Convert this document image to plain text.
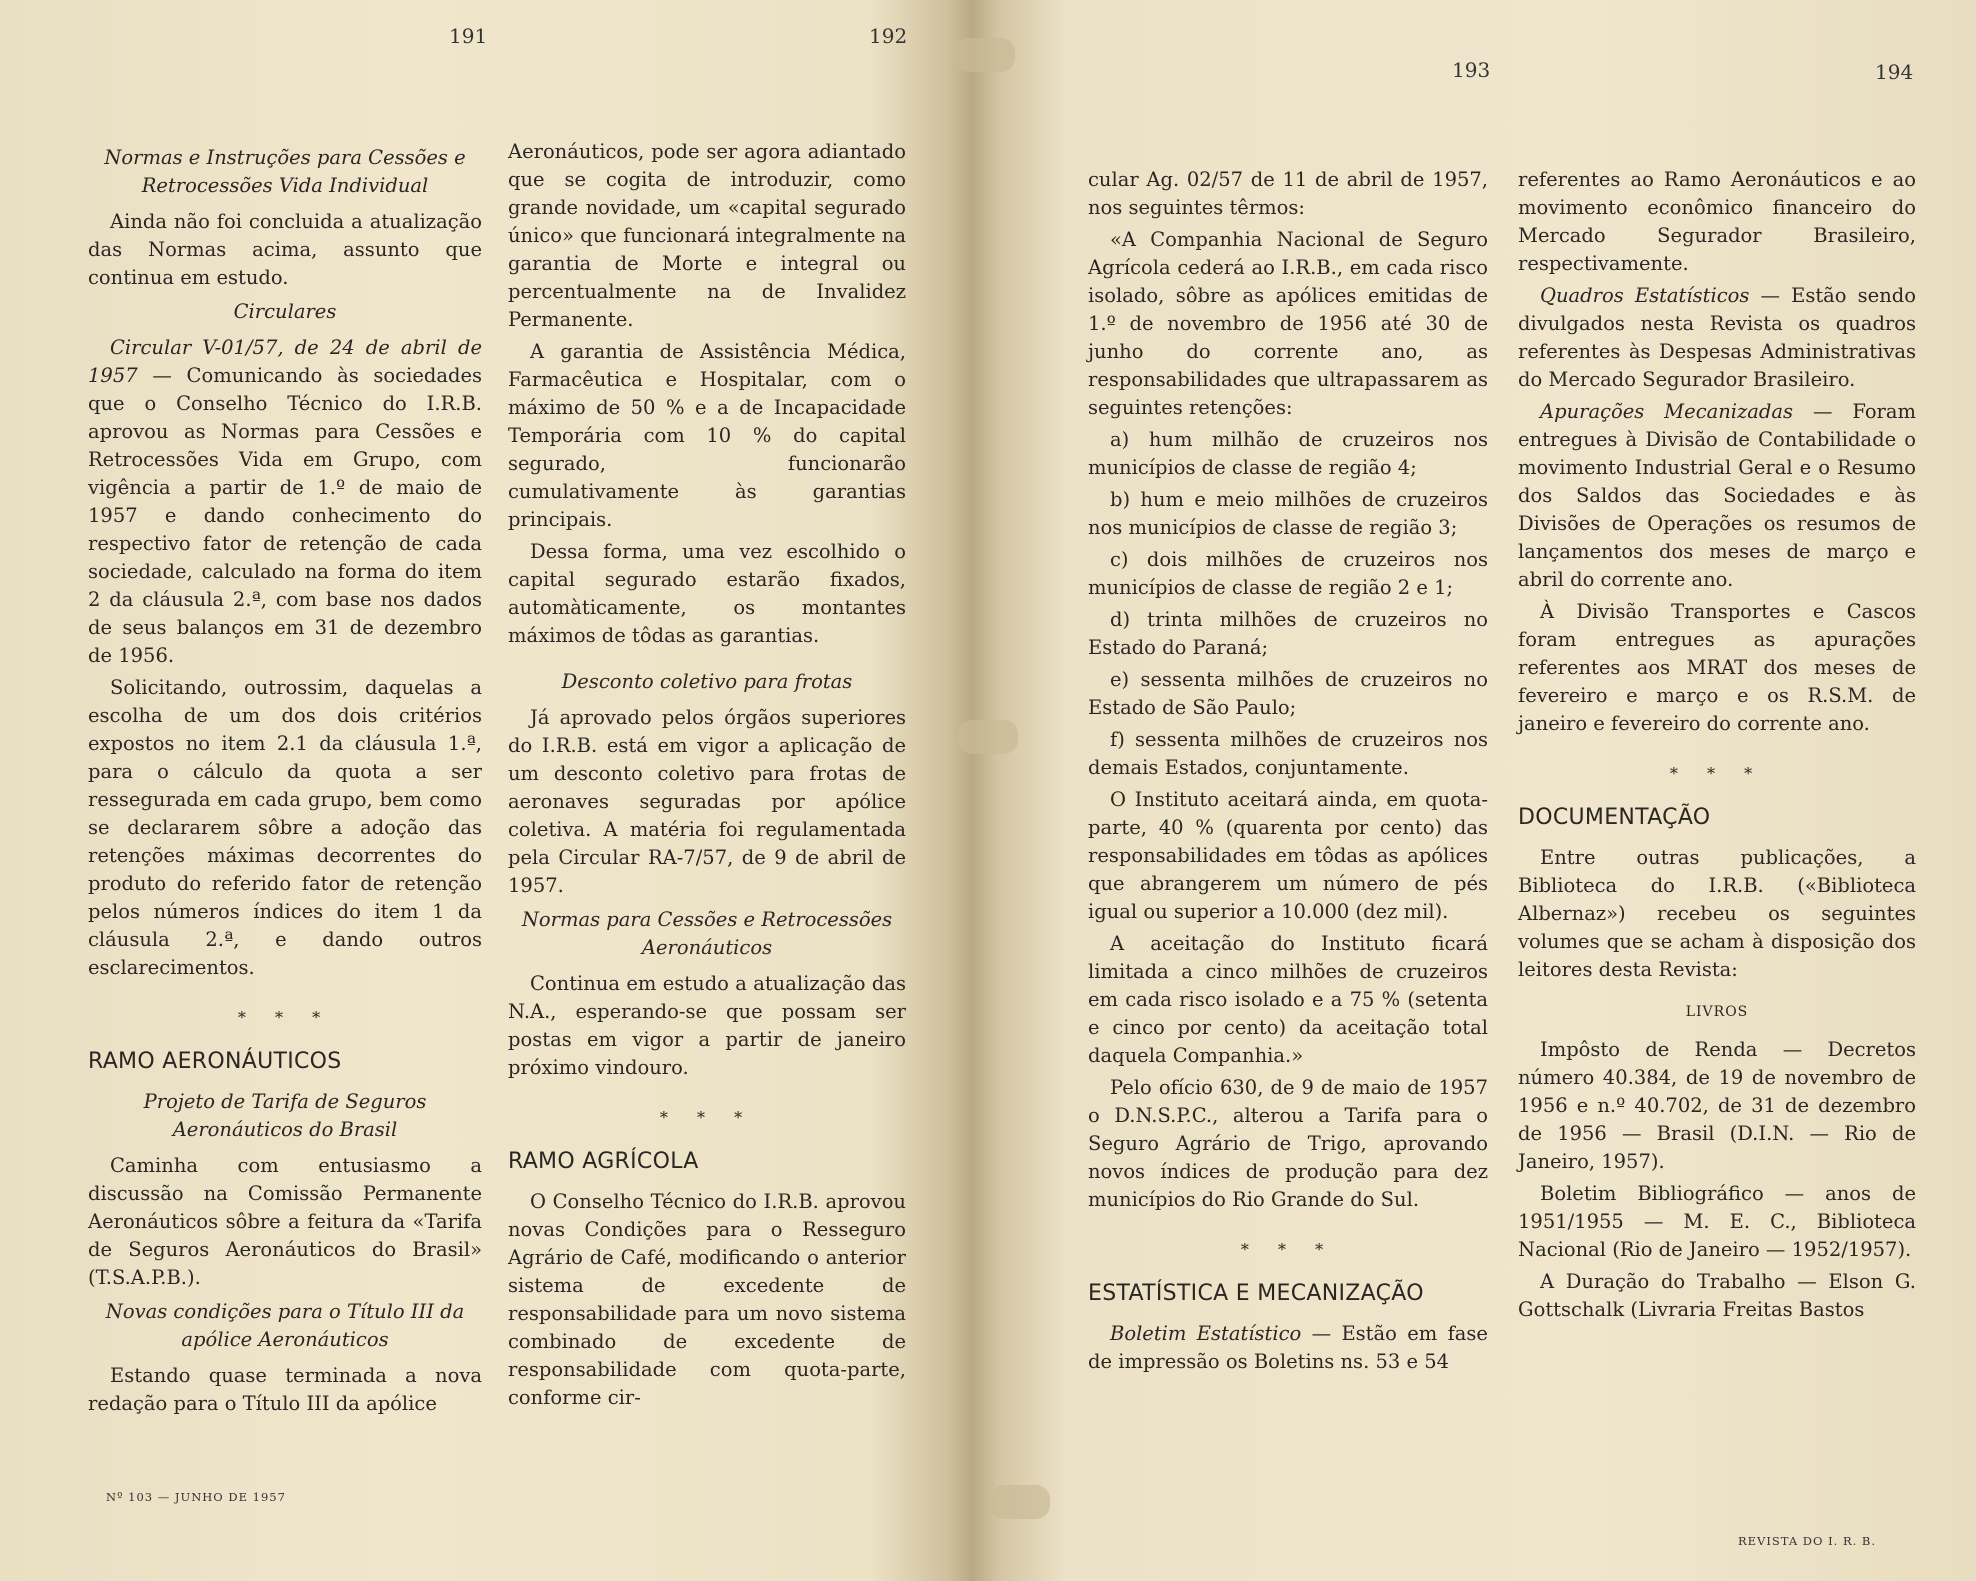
191	192
193	194
Normas e Instruções para Cessões e Retrocessões Vida Individual

Ainda não foi concluida a atualização das Normas acima, assunto que continua em estudo.

Circulares

Circular V-01/57, de 24 de abril de 1957 — Comunicando às sociedades que o Conselho Técnico do I.R.B. aprovou as Normas para Cessões e Retrocessões Vida em Grupo, com vigência a partir de 1.º de maio de 1957 e dando conhecimento do respectivo fator de retenção de cada sociedade, calculado na forma do item 2 da cláusula 2.ª, com base nos dados de seus balanços em 31 de dezembro de 1956.

Solicitando, outrossim, daquelas a escolha de um dos dois critérios expostos no item 2.1 da cláusula 1.ª, para o cálculo da quota a ser ressegurada em cada grupo, bem como se declararem sôbre a adoção das retenções máximas decorrentes do produto do referido fator de retenção pelos números índices do item 1 da cláusula 2.ª, e dando outros esclarecimentos.

* * *
RAMO AERONÁUTICOS
Projeto de Tarifa de Seguros Aeronáuticos do Brasil

Caminha com entusiasmo a discussão na Comissão Permanente Aeronáuticos sôbre a feitura da «Tarifa de Seguros Aeronáuticos do Brasil» (T.S.A.P.B.).

Novas condições para o Título III da apólice Aeronáuticos

Estando quase terminada a nova redação para o Título III da apólice

Aeronáuticos, pode ser agora adiantado que se cogita de introduzir, como grande novidade, um «capital segurado único» que funcionará integralmente na garantia de Morte e integral ou percentualmente na de Invalidez Permanente.

A garantia de Assistência Médica, Farmacêutica e Hospitalar, com o máximo de 50 % e a de Incapacidade Temporária com 10 % do capital segurado, funcionarão cumulativamente às garantias principais.

Dessa forma, uma vez escolhido o capital segurado estarão fixados, automàticamente, os montantes máximos de tôdas as garantias.

Desconto coletivo para frotas

Já aprovado pelos órgãos superiores do I.R.B. está em vigor a aplicação de um desconto coletivo para frotas de aeronaves seguradas por apólice coletiva. A matéria foi regulamentada pela Circular RA-7/57, de 9 de abril de 1957.

Normas para Cessões e Retrocessões Aeronáuticos

Continua em estudo a atualização das N.A., esperando-se que possam ser postas em vigor a partir de janeiro próximo vindouro.

* * *
RAMO AGRÍCOLA

O Conselho Técnico do I.R.B. aprovou novas Condições para o Resseguro Agrário de Café, modificando o anterior sistema de excedente de responsabilidade para um novo sistema combinado de excedente de responsabilidade com quota-parte, conforme cir-

cular Ag. 02/57 de 11 de abril de 1957, nos seguintes têrmos:

«A Companhia Nacional de Seguro Agrícola cederá ao I.R.B., em cada risco isolado, sôbre as apólices emitidas de 1.º de novembro de 1956 até 30 de junho do corrente ano, as responsabilidades que ultrapassarem as seguintes retenções:

a) hum milhão de cruzeiros nos municípios de classe de região 4;

b) hum e meio milhões de cruzeiros nos municípios de classe de região 3;

c) dois milhões de cruzeiros nos municípios de classe de região 2 e 1;

d) trinta milhões de cruzeiros no Estado do Paraná;

e) sessenta milhões de cruzeiros no Estado de São Paulo;

f) sessenta milhões de cruzeiros nos demais Estados, conjuntamente.

O Instituto aceitará ainda, em quota-parte, 40 % (quarenta por cento) das responsabilidades em tôdas as apólices que abrangerem um número de pés igual ou superior a 10.000 (dez mil).

A aceitação do Instituto ficará limitada a cinco milhões de cruzeiros em cada risco isolado e a 75 % (setenta e cinco por cento) da aceitação total daquela Companhia.»

Pelo ofício 630, de 9 de maio de 1957 o D.N.S.P.C., alterou a Tarifa para o Seguro Agrário de Trigo, aprovando novos índices de produção para dez municípios do Rio Grande do Sul.

* * *
ESTATÍSTICA E MECANIZAÇÃO

Boletim Estatístico — Estão em fase de impressão os Boletins ns. 53 e 54

referentes ao Ramo Aeronáuticos e ao movimento econômico financeiro do Mercado Segurador Brasileiro, respectivamente.

Quadros Estatísticos — Estão sendo divulgados nesta Revista os quadros referentes às Despesas Administrativas do Mercado Segurador Brasileiro.

Apurações Mecanizadas — Foram entregues à Divisão de Contabilidade o movimento Industrial Geral e o Resumo dos Saldos das Sociedades e às Divisões de Operações os resumos de lançamentos dos meses de março e abril do corrente ano.

À Divisão Transportes e Cascos foram entregues as apurações referentes aos MRAT dos meses de fevereiro e março e os R.S.M. de janeiro e fevereiro do corrente ano.

* * *
DOCUMENTAÇÃO

Entre outras publicações, a Biblioteca do I.R.B. («Biblioteca Albernaz») recebeu os seguintes volumes que se acham à disposição dos leitores desta Revista:

LIVROS

Impôsto de Renda — Decretos número 40.384, de 19 de novembro de 1956 e n.º 40.702, de 31 de dezembro de 1956 — Brasil (D.I.N. — Rio de Janeiro, 1957).

Boletim Bibliográfico — anos de 1951/1955 — M. E. C., Biblioteca Nacional (Rio de Janeiro — 1952/1957).

A Duração do Trabalho — Elson G. Gottschalk (Livraria Freitas Bastos

Nº 103 — JUNHO DE 1957
REVISTA DO I. R. B.
